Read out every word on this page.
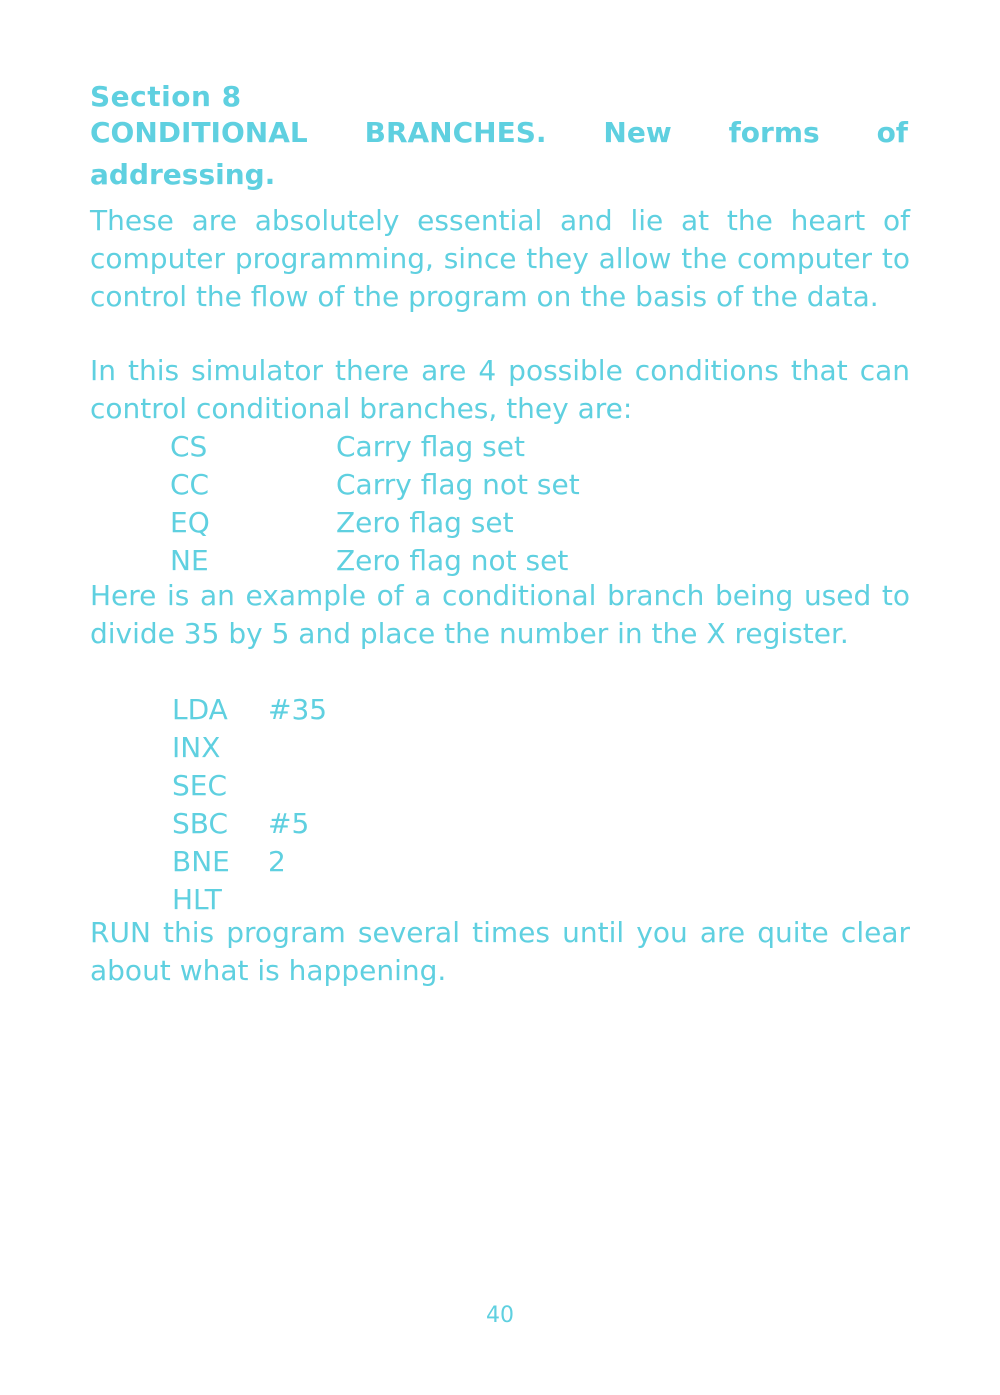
Section 8
CONDITIONAL BRANCHES. New forms of addressing.
These are absolutely essential and lie at the heart of computer programming, since they allow the computer to control the flow of the program on the basis of the data.
In this simulator there are 4 possible conditions that can control conditional branches, they are:
CS	Carry flag set
CC	Carry flag not set
EQ	Zero flag set
NE	Zero flag not set
Here is an example of a conditional branch being used to divide 35 by 5 and place the number in the X register.
LDA #35
INX
SEC
SBC #5
BNE 2
HLT
RUN this program several times until you are quite clear about what is happening.
40
